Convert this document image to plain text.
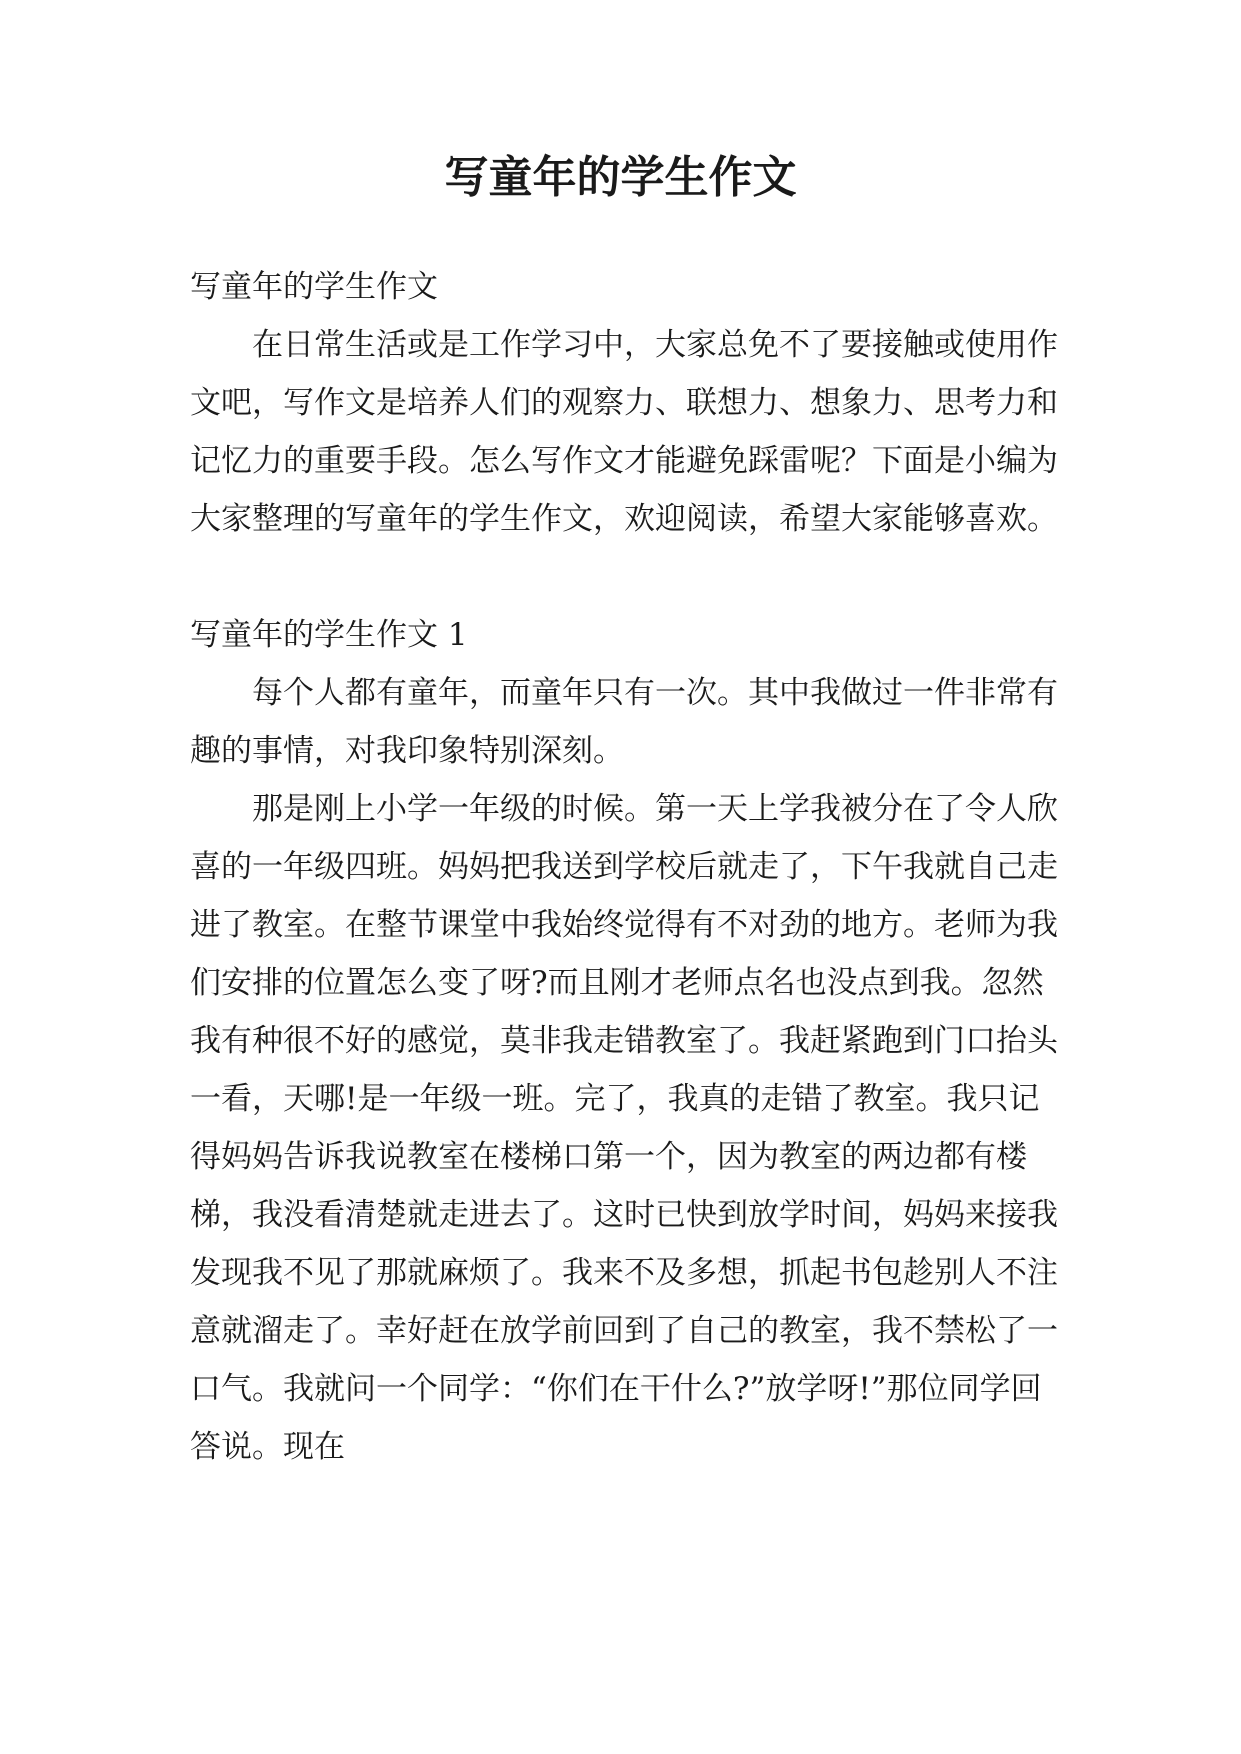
写童年的学生作文

写童年的学生作文

在日常生活或是工作学习中，大家总免不了要接触或使用作文吧，写作文是培养人们的观察力、联想力、想象力、思考力和记忆力的重要手段。怎么写作文才能避免踩雷呢？下面是小编为大家整理的写童年的学生作文，欢迎阅读，希望大家能够喜欢。

写童年的学生作文 1

每个人都有童年，而童年只有一次。其中我做过一件非常有趣的事情，对我印象特别深刻。

那是刚上小学一年级的时候。第一天上学我被分在了令人欣喜的一年级四班。妈妈把我送到学校后就走了，下午我就自己走进了教室。在整节课堂中我始终觉得有不对劲的地方。老师为我们安排的位置怎么变了呀?而且刚才老师点名也没点到我。忽然我有种很不好的感觉，莫非我走错教室了。我赶紧跑到门口抬头一看，天哪!是一年级一班。完了，我真的走错了教室。我只记得妈妈告诉我说教室在楼梯口第一个，因为教室的两边都有楼梯，我没看清楚就走进去了。这时已快到放学时间，妈妈来接我发现我不见了那就麻烦了。我来不及多想，抓起书包趁别人不注意就溜走了。幸好赶在放学前回到了自己的教室，我不禁松了一口气。我就问一个同学：“你们在干什么?”放学呀!”那位同学回答说。现在
